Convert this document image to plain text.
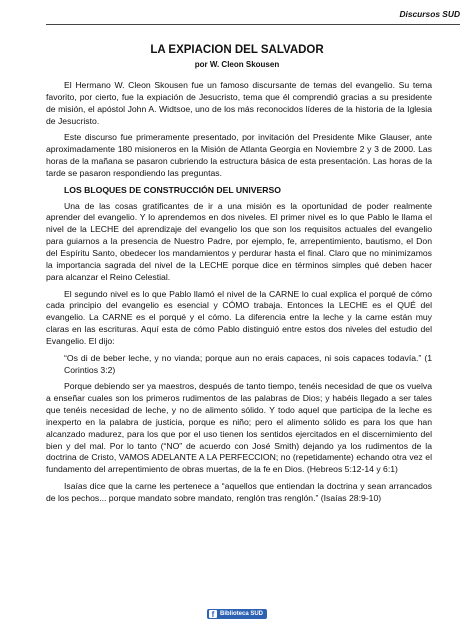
Discursos SUD
LA EXPIACION DEL SALVADOR
por W. Cleon Skousen

El Hermano W. Cleon Skousen fue un famoso discursante de temas del evangelio. Su tema favorito, por cierto, fue la expiación de Jesucristo, tema que él comprendió gracias a su presidente de misión, el apóstol John A. Widtsoe, uno de los más reconocidos líderes de la historia de la Iglesia de Jesucristo.

Este discurso fue primeramente presentado, por invitación del Presidente Mike Glauser, ante aproximadamente 180 misioneros en la Misión de Atlanta Georgia en Noviembre 2 y 3 de 2000. Las horas de la mañana se pasaron cubriendo la estructura básica de esta presentación. Las horas de la tarde se pasaron respondiendo las preguntas.

LOS BLOQUES DE CONSTRUCCIÓN DEL UNIVERSO

Una de las cosas gratificantes de ir a una misión es la oportunidad de poder realmente aprender del evangelio. Y lo aprendemos en dos niveles. El primer nivel es lo que Pablo le llama el nivel de la LECHE del aprendizaje del evangelio los que son los requisitos actuales del evangelio para guiarnos a la presencia de Nuestro Padre, por ejemplo, fe, arrepentimiento, bautismo, el Don del Espíritu Santo, obedecer los mandamientos y perdurar hasta el final. Claro que no minimizamos la importancia sagrada del nivel de la LECHE porque dice en términos simples qué deben hacer para alcanzar el Reino Celestial.

El segundo nivel es lo que Pablo llamó el nivel de la CARNE lo cual explica el porqué de cómo cada principio del evangelio es esencial y CÓMO trabaja. Entonces la LECHE es el QUÉ del evangelio. La CARNE es el porqué y el cómo. La diferencia entre la leche y la carne están muy claras en las escrituras. Aquí esta de cómo Pablo distinguió entre estos dos niveles del estudio del Evangelio. El dijo:

“Os di de beber leche, y no vianda; porque aun no erais capaces, ni sois capaces todavía.” (1 Corintios 3:2)

Porque debiendo ser ya maestros, después de tanto tiempo, tenéis necesidad de que os vuelva a enseñar cuales son los primeros rudimentos de las palabras de Dios; y habéis llegado a ser tales que tenéis necesidad de leche, y no de alimento sólido. Y todo aquel que participa de la leche es inexperto en la palabra de justicia, porque es niño; pero el alimento sólido es para los que han alcanzado madurez, para los que por el uso tienen los sentidos ejercitados en el discernimiento del bien y del mal. Por lo tanto (“NO” de acuerdo con José Smith) dejando ya los rudimentos de la doctrina de Cristo, VAMOS ADELANTE A LA PERFECCION; no (repetidamente) echando otra vez el fundamento del arrepentimiento de obras muertas, de la fe en Dios. (Hebreos 5:12-14 y 6:1)

Isaías dice que la carne les pertenece a “aquellos que entiendan la doctrina y sean arrancados de los pechos... porque mandato sobre mandato, renglón tras renglón.” (Isaías 28:9-10)

f Biblioteca SUD
